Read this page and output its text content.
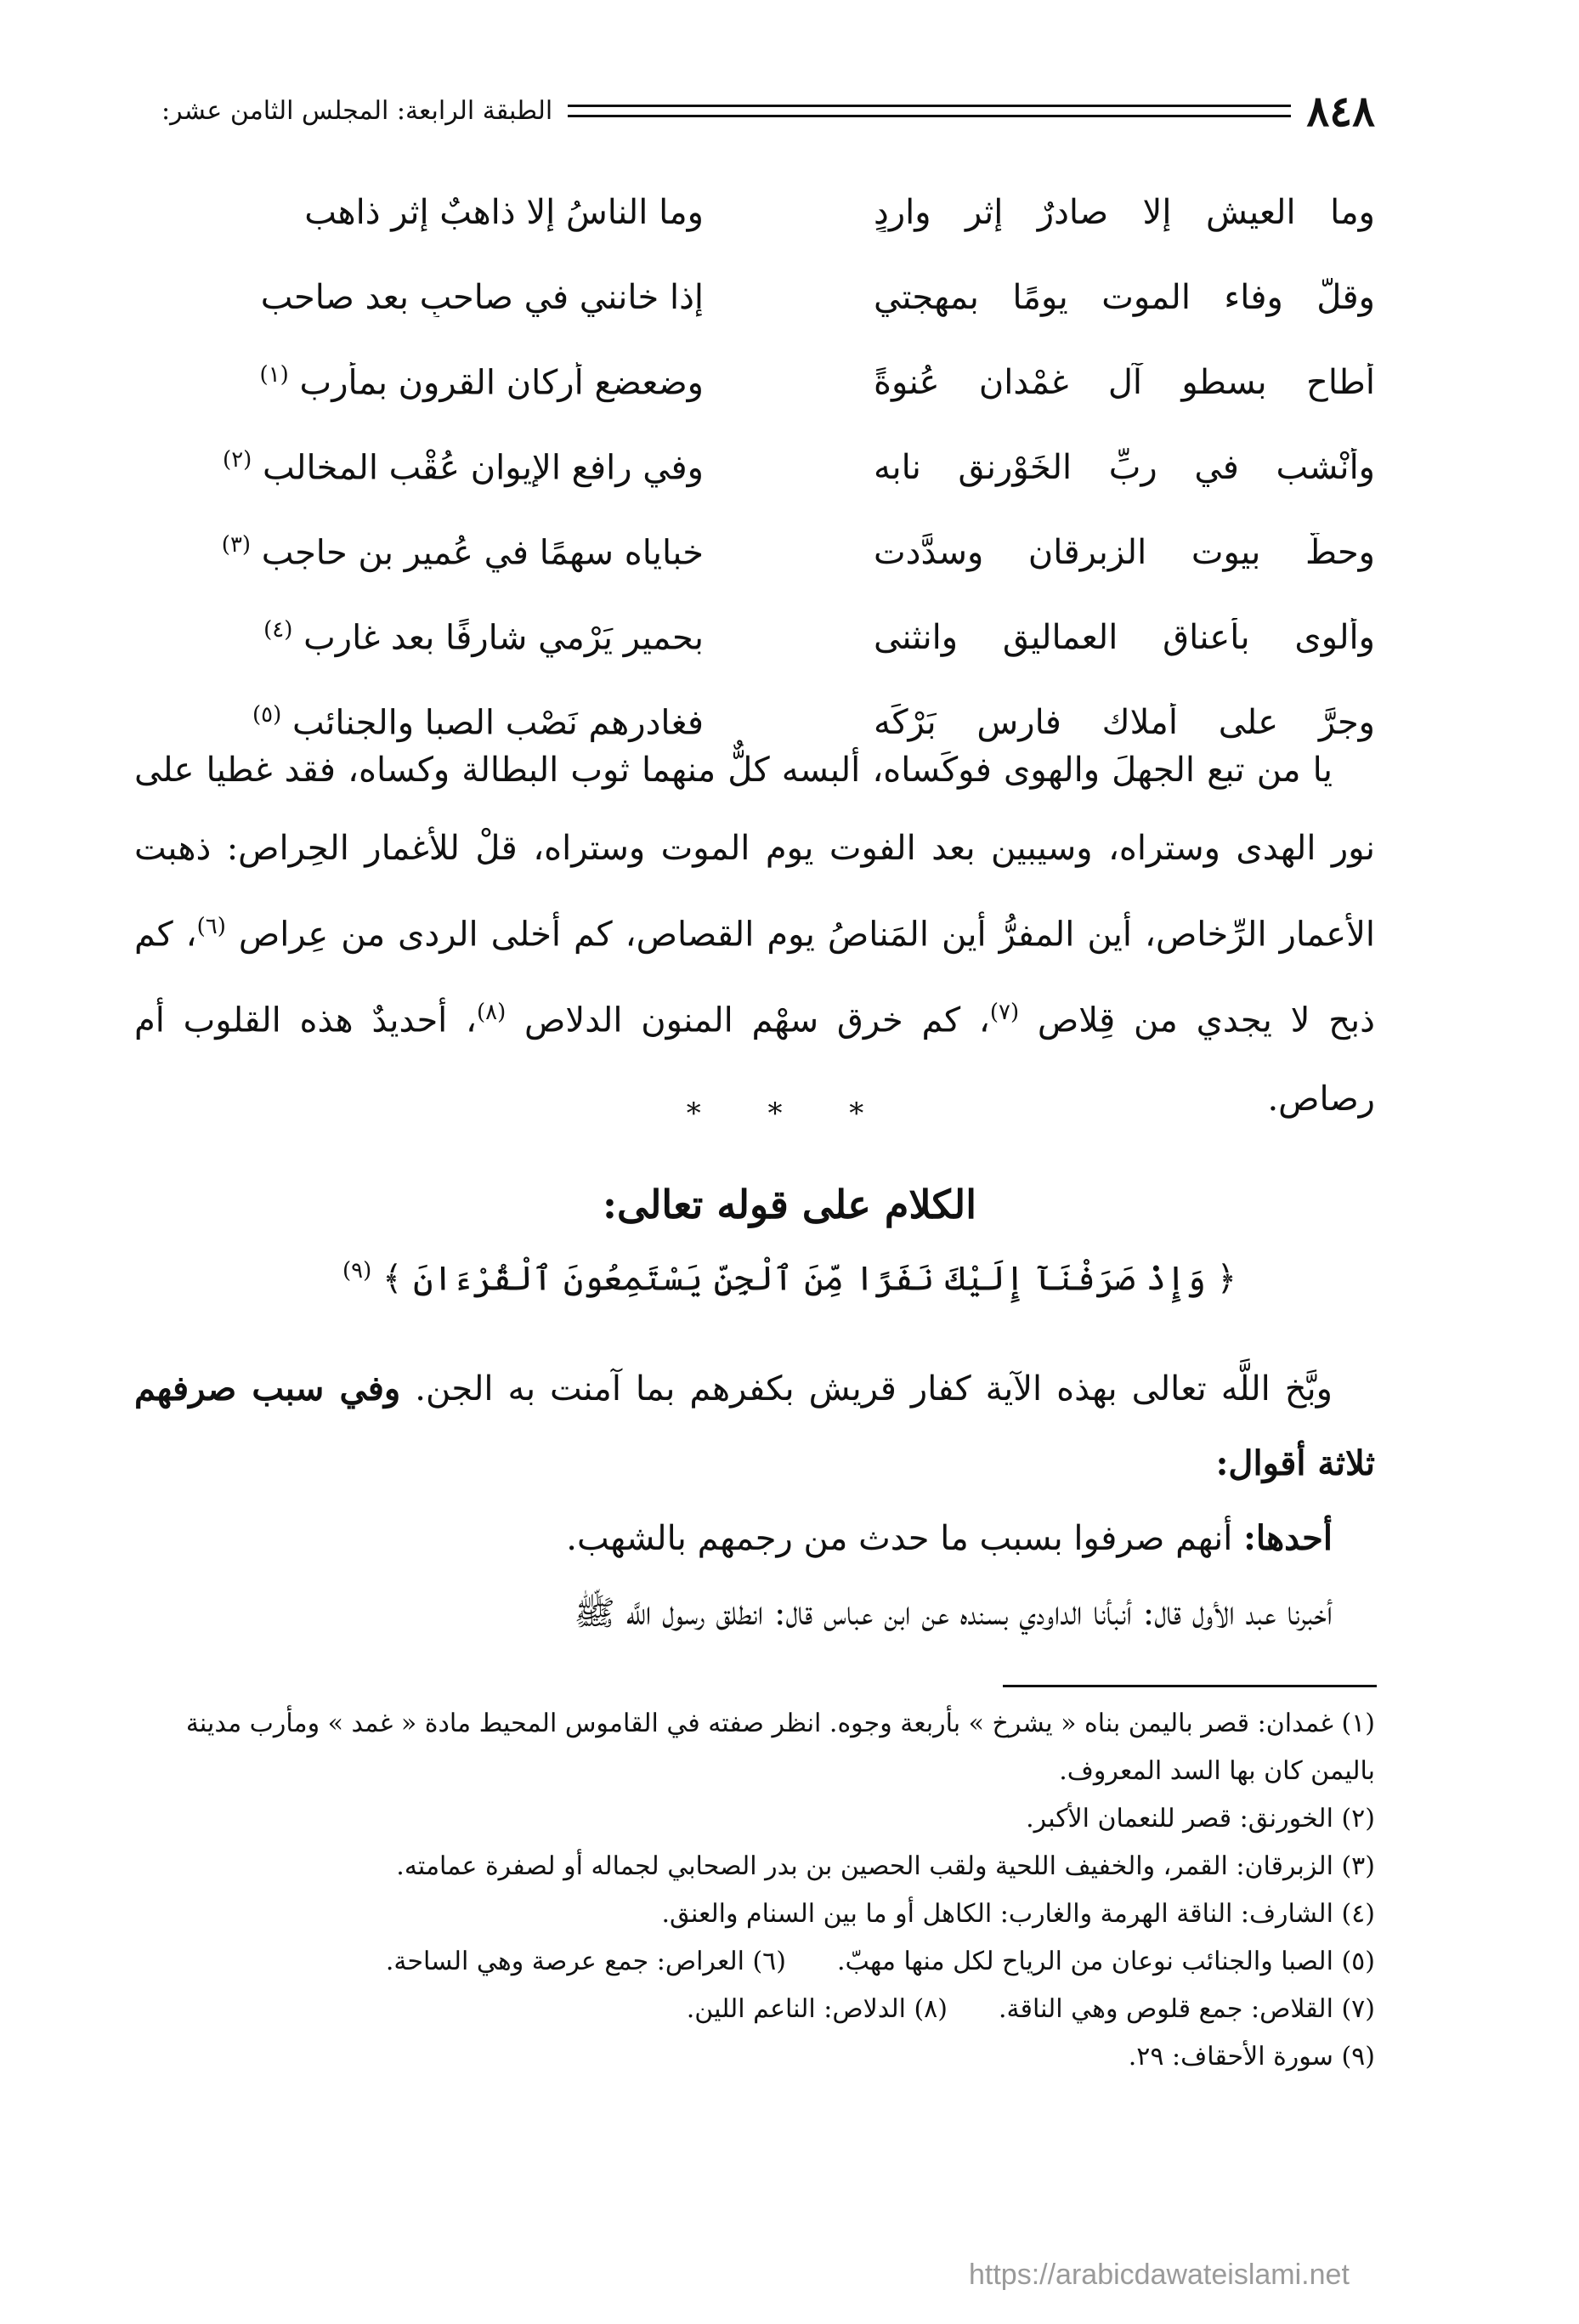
٨٤٨
الطبقة الرابعة: المجلس الثامن عشر:
وما العيش إلا صادرٌ إثر واردٍ
وما الناسُ إلا ذاهبٌ إثر ذاهب
وقلَّ وفاء الموت يومًا بمهجتي
إذا خانني في صاحبٍ بعد صاحب
أطاح بسطوٍ آل غمْدان عُنوةً
وضعضع أركان القرون بمأرب $^{(١)}$
وأنْشب في ربِّ الخَوْرنق نابه
وفي رافع الإيوان عُقْب المخالب $^{(٢)}$
وحطَّ بيوت الزبرقان وسدَّدت
خباياه سهمًا في عُمير بن حاجب $^{(٣)}$
وألوى بأعناق العماليق وانثنى
بحمير يَرْمي شارفًا بعد غارب $^{(٤)}$
وجرَّ على أملاك فارس بَرْكَه
فغادرهم نَصْب الصبا والجنائب $^{(٥)}$
يا من تبع الجهلَ والهوى فوكَساه، ألبسه كلٌّ منهما ثوب البطالة وكساه، فقد غطيا على نور الهدى وستراه، وسيبين بعد الفوت يوم الموت وستراه، قلْ للأغمار الحِراص: ذهبت الأعمار الرِّخاص، أين المفرُّ أين المَناصُ يوم القصاص، كم أخلى الردى من عِراص $^{(٦)}$، كم ذبح لا يجدي من قِلاص $^{(٧)}$، كم خرق سهْم المنون الدلاص $^{(٨)}$، أحديدٌ هذه القلوب أم رصاص.
* * *
الكلام على قوله تعالى:
﴿ وَإِذْ صَرَفْنَآ إِلَيْكَ نَفَرًا مِّنَ ٱلْجِنِّ يَسْتَمِعُونَ ٱلْقُرْءَانَ ﴾ $^{(٩)}$
وبَّخ اللَّه تعالى بهذه الآية كفار قريش بكفرهم بما آمنت به الجن. وفي سبب صرفهم ثلاثة أقوال:
أحدها: أنهم صرفوا بسبب ما حدث من رجمهم بالشهب.
أخبرنا عبد الأول قال: أنبأنا الداودي بسنده عن ابن عباس قال: انطلق رسول اللَّه ﷺ
(١) غمدان: قصر باليمن بناه « يشرخ » بأربعة وجوه. انظر صفته في القاموس المحيط مادة « غمد » ومأرب مدينة
باليمن كان بها السد المعروف.
(٢) الخورنق: قصر للنعمان الأكبر.
(٣) الزبرقان: القمر، والخفيف اللحية ولقب الحصين بن بدر الصحابي لجماله أو لصفرة عمامته.
(٤) الشارف: الناقة الهرمة والغارب: الكاهل أو ما بين السنام والعنق.
(٥) الصبا والجنائب نوعان من الرياح لكل منها مهبّ.
(٦) العراص: جمع عرصة وهي الساحة.
(٧) القلاص: جمع قلوص وهي الناقة.
(٨) الدلاص: الناعم اللين.
(٩) سورة الأحقاف: ٢٩.
https://arabicdawateislami.net
